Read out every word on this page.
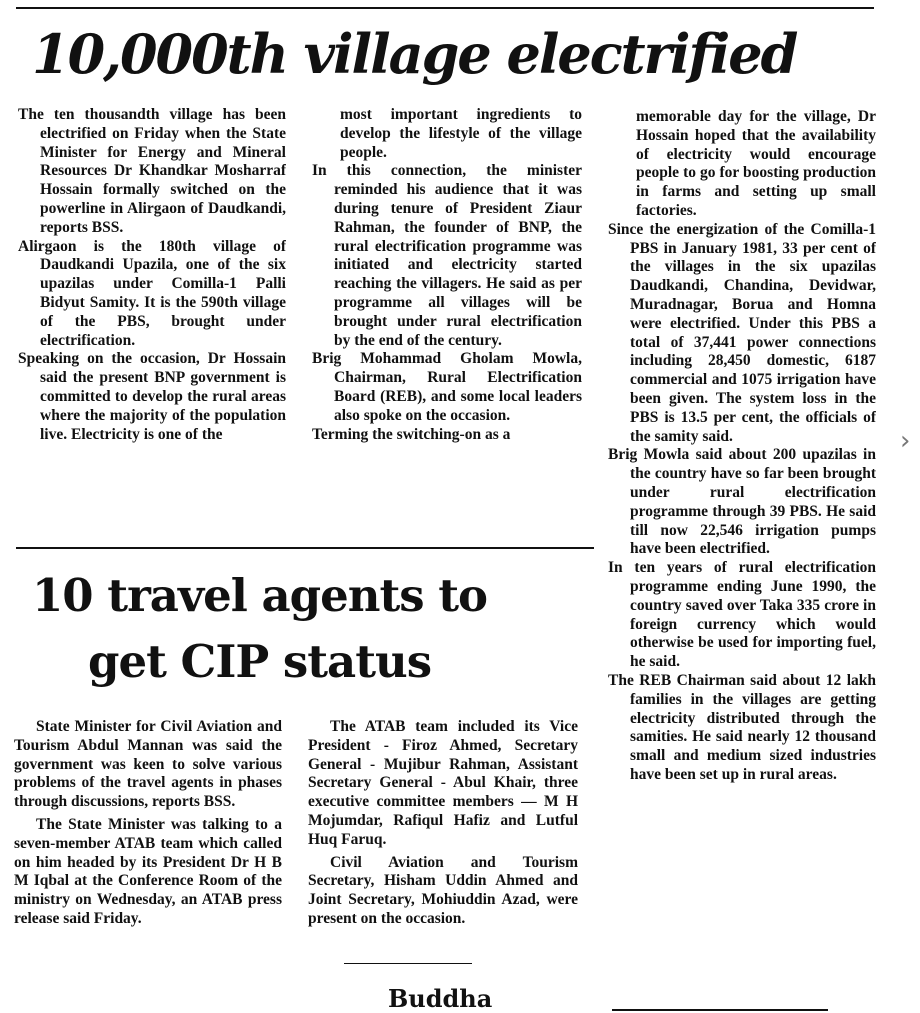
10,000th village electrified

The ten thousandth village has been electrified on Friday when the State Minister for Energy and Mineral Resources Dr Khandkar Mosharraf Hossain formally switched on the powerline in Alirgaon of Daudkandi, reports BSS.

Alirgaon is the 180th village of Daudkandi Upazila, one of the six upazilas under Comilla-1 Palli Bidyut Samity. It is the 590th village of the PBS, brought under electrification.

Speaking on the occasion, Dr Hossain said the present BNP government is committed to develop the rural areas where the majority of the population live. Electricity is one of the

most important ingredients to develop the lifestyle of the village people.

In this connection, the minister reminded his audience that it was during tenure of President Ziaur Rahman, the founder of BNP, the rural electrification programme was initiated and electricity started reaching the villagers. He said as per programme all villages will be brought under rural electrification by the end of the century.

Brig Mohammad Gholam Mowla, Chairman, Rural Electrification Board (REB), and some local leaders also spoke on the occasion.

Terming the switching-on as a

memorable day for the village, Dr Hossain hoped that the availability of electricity would encourage people to go for boosting production in farms and setting up small factories.

Since the energization of the Comilla-1 PBS in January 1981, 33 per cent of the villages in the six upazilas Daudkandi, Chandina, Devidwar, Muradnagar, Borua and Homna were electrified. Under this PBS a total of 37,441 power connections including 28,450 domestic, 6187 commercial and 1075 irrigation have been given. The system loss in the PBS is 13.5 per cent, the officials of the samity said.

Brig Mowla said about 200 upazilas in the country have so far been brought under rural electrification programme through 39 PBS. He said till now 22,546 irrigation pumps have been electrified.

In ten years of rural electrification programme ending June 1990, the country saved over Taka 335 crore in foreign currency which would otherwise be used for importing fuel, he said.

The REB Chairman said about 12 lakh families in the villages are getting electricity distributed through the samities. He said nearly 12 thousand small and medium sized industries have been set up in rural areas.

10 travel agents to
get CIP status

State Minister for Civil Aviation and Tourism Abdul Mannan was said the government was keen to solve various problems of the travel agents in phases through discussions, reports BSS.

The State Minister was talking to a seven-member ATAB team which called on him headed by its President Dr H B M Iqbal at the Conference Room of the ministry on Wednesday, an ATAB press release said Friday.

The ATAB team included its Vice President - Firoz Ahmed, Secretary General - Mujibur Rahman, Assistant Secretary General - Abul Khair, three executive committee members — M H Mojumdar, Rafiqul Hafiz and Lutful Huq Faruq.

Civil Aviation and Tourism Secretary, Hisham Uddin Ahmed and Joint Secretary, Mohiuddin Azad, were present on the occasion.

Buddha
›
